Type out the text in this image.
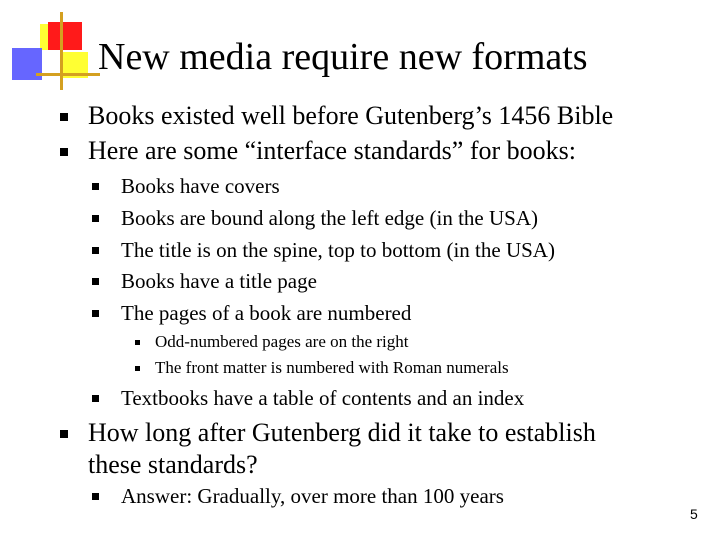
New media require new formats
Books existed well before Gutenberg’s 1456 Bible
Here are some “interface standards” for books:
Books have covers
Books are bound along the left edge (in the USA)
The title is on the spine, top to bottom (in the USA)
Books have a title page
The pages of a book are numbered
Odd-numbered pages are on the right
The front matter is numbered with Roman numerals
Textbooks have a table of contents and an index
How long after Gutenberg did it take to establish
these standards?
Answer: Gradually, over more than 100 years
5
